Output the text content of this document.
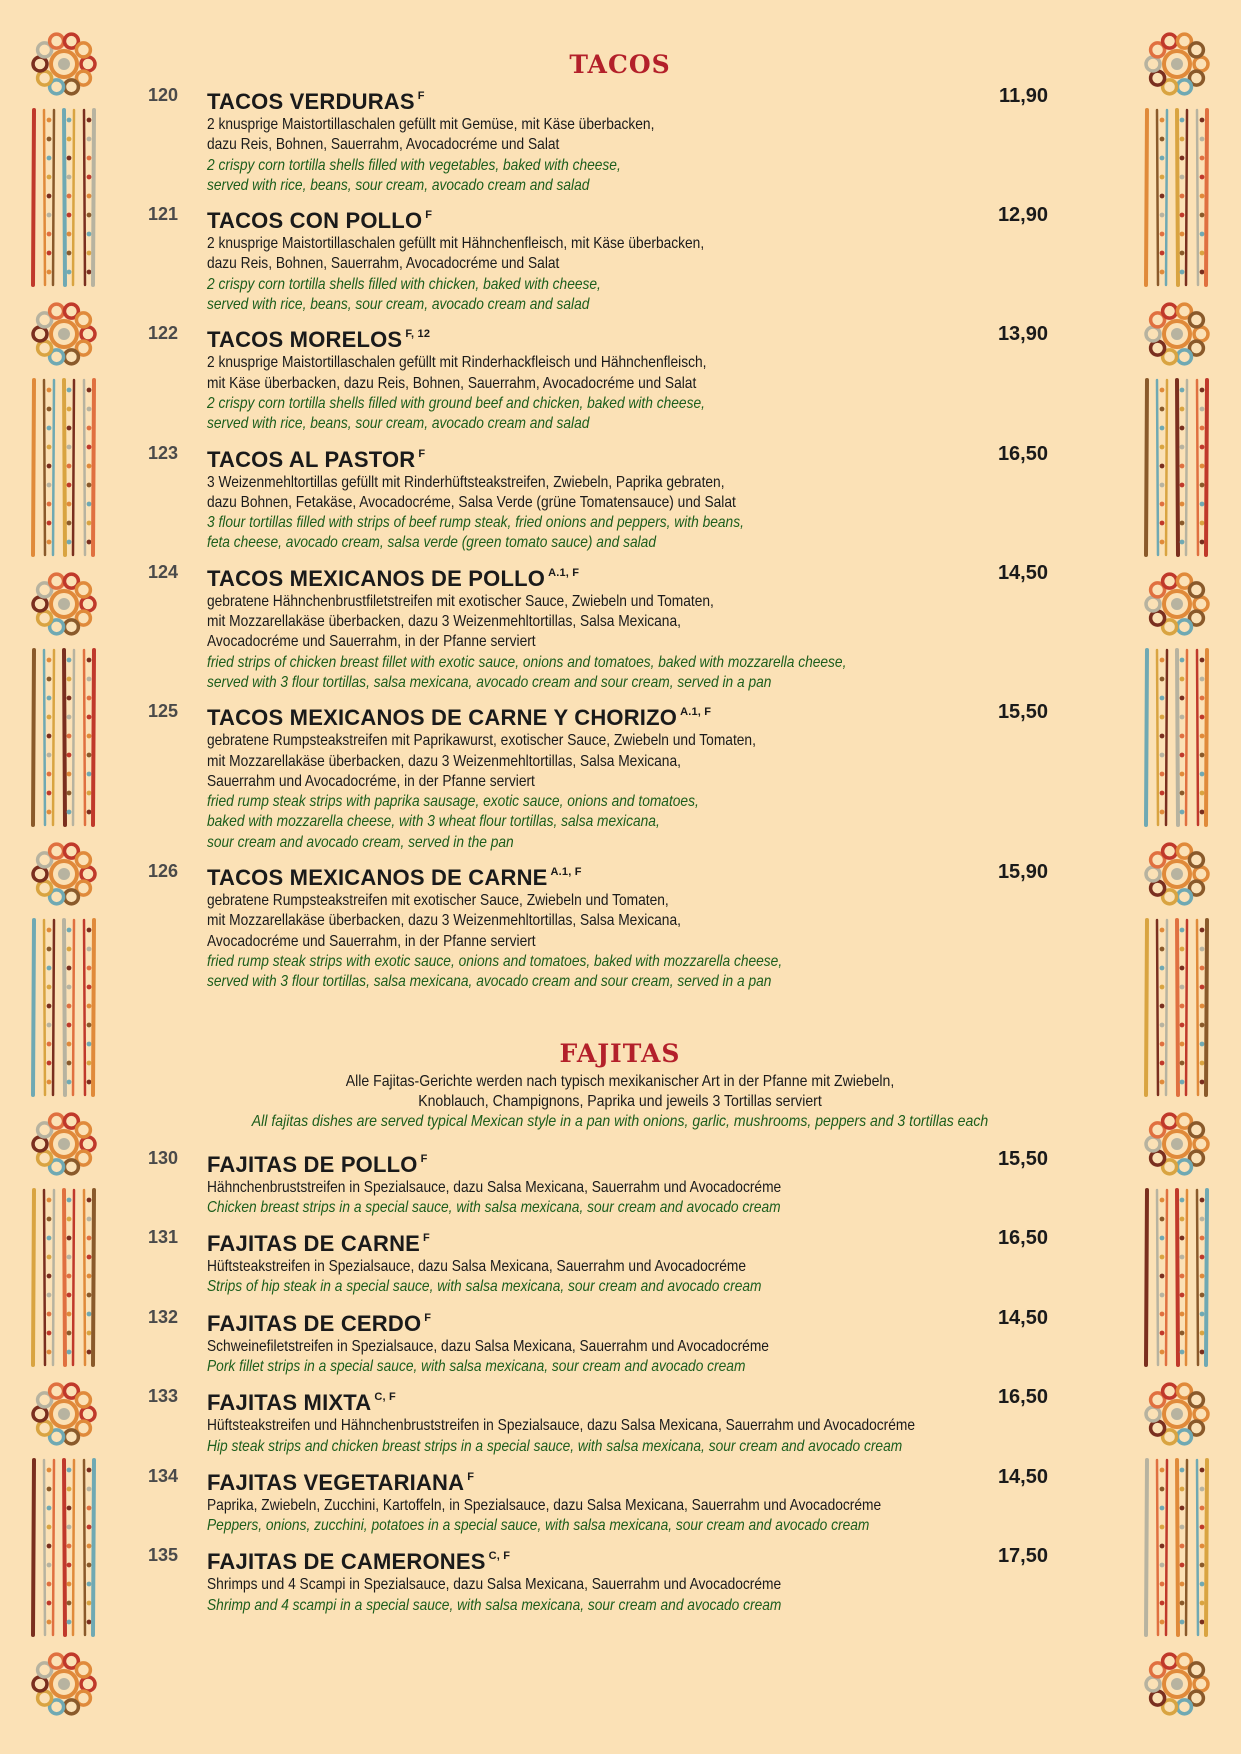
TACOS
120	11,90
TACOS VERDURAS $^F$
2 knusprige Maistortillaschalen gefüllt mit Gemüse, mit Käse überbacken,
dazu Reis, Bohnen, Sauerrahm, Avocadocréme und Salat
2 crispy corn tortilla shells filled with vegetables, baked with cheese,
served with rice, beans, sour cream, avocado cream and salad
121	12,90
TACOS CON POLLO $^F$
2 knusprige Maistortillaschalen gefüllt mit Hähnchenfleisch, mit Käse überbacken,
dazu Reis, Bohnen, Sauerrahm, Avocadocréme und Salat
2 crispy corn tortilla shells filled with chicken, baked with cheese,
served with rice, beans, sour cream, avocado cream and salad
122	13,90
TACOS MORELOS $^{F, 12}$
2 knusprige Maistortillaschalen gefüllt mit Rinderhackfleisch und Hähnchenfleisch,
mit Käse überbacken, dazu Reis, Bohnen, Sauerrahm, Avocadocréme und Salat
2 crispy corn tortilla shells filled with ground beef and chicken, baked with cheese,
served with rice, beans, sour cream, avocado cream and salad
123	16,50
TACOS AL PASTOR $^F$
3 Weizenmehltortillas gefüllt mit Rinderhüftsteakstreifen, Zwiebeln, Paprika gebraten,
dazu Bohnen, Fetakäse, Avocadocréme, Salsa Verde (grüne Tomatensauce) und Salat
3 flour tortillas filled with strips of beef rump steak, fried onions and peppers, with beans,
feta cheese, avocado cream, salsa verde (green tomato sauce) and salad
124	14,50
TACOS MEXICANOS DE POLLO $^{A.1, F}$
gebratene Hähnchenbrustfiletstreifen mit exotischer Sauce, Zwiebeln und Tomaten,
mit Mozzarellakäse überbacken, dazu 3 Weizenmehltortillas, Salsa Mexicana,
Avocadocréme und Sauerrahm, in der Pfanne serviert
fried strips of chicken breast fillet with exotic sauce, onions and tomatoes, baked with mozzarella cheese,
served with 3 flour tortillas, salsa mexicana, avocado cream and sour cream, served in a pan
125	15,50
TACOS MEXICANOS DE CARNE Y CHORIZO $^{A.1, F}$
gebratene Rumpsteakstreifen mit Paprikawurst, exotischer Sauce, Zwiebeln und Tomaten,
mit Mozzarellakäse überbacken, dazu 3 Weizenmehltortillas, Salsa Mexicana,
Sauerrahm und Avocadocréme, in der Pfanne serviert
fried rump steak strips with paprika sausage, exotic sauce, onions and tomatoes,
baked with mozzarella cheese, with 3 wheat flour tortillas, salsa mexicana,
sour cream and avocado cream, served in the pan
126	15,90
TACOS MEXICANOS DE CARNE $^{A.1, F}$
gebratene Rumpsteakstreifen mit exotischer Sauce, Zwiebeln und Tomaten,
mit Mozzarellakäse überbacken, dazu 3 Weizenmehltortillas, Salsa Mexicana,
Avocadocréme und Sauerrahm, in der Pfanne serviert
fried rump steak strips with exotic sauce, onions and tomatoes, baked with mozzarella cheese,
served with 3 flour tortillas, salsa mexicana, avocado cream and sour cream, served in a pan
FAJITAS
Alle Fajitas-Gerichte werden nach typisch mexikanischer Art in der Pfanne mit Zwiebeln,
Knoblauch, Champignons, Paprika und jeweils 3 Tortillas serviert
All fajitas dishes are served typical Mexican style in a pan with onions, garlic, mushrooms, peppers and 3 tortillas each
130	15,50
FAJITAS DE POLLO $^F$
Hähnchenbruststreifen in Spezialsauce, dazu Salsa Mexicana, Sauerrahm und Avocadocréme
Chicken breast strips in a special sauce, with salsa mexicana, sour cream and avocado cream
131	16,50
FAJITAS DE CARNE $^F$
Hüftsteakstreifen in Spezialsauce, dazu Salsa Mexicana, Sauerrahm und Avocadocréme
Strips of hip steak in a special sauce, with salsa mexicana, sour cream and avocado cream
132	14,50
FAJITAS DE CERDO $^F$
Schweinefiletstreifen in Spezialsauce, dazu Salsa Mexicana, Sauerrahm und Avocadocréme
Pork fillet strips in a special sauce, with salsa mexicana, sour cream and avocado cream
133	16,50
FAJITAS MIXTA $^{C, F}$
Hüftsteakstreifen und Hähnchenbruststreifen in Spezialsauce, dazu Salsa Mexicana, Sauerrahm und Avocadocréme
Hip steak strips and chicken breast strips in a special sauce, with salsa mexicana, sour cream and avocado cream
134	14,50
FAJITAS VEGETARIANA $^F$
Paprika, Zwiebeln, Zucchini, Kartoffeln, in Spezialsauce, dazu Salsa Mexicana, Sauerrahm und Avocadocréme
Peppers, onions, zucchini, potatoes in a special sauce, with salsa mexicana, sour cream and avocado cream
135	17,50
FAJITAS DE CAMERONES $^{C, F}$
Shrimps und 4 Scampi in Spezialsauce, dazu Salsa Mexicana, Sauerrahm und Avocadocréme
Shrimp and 4 scampi in a special sauce, with salsa mexicana, sour cream and avocado cream
